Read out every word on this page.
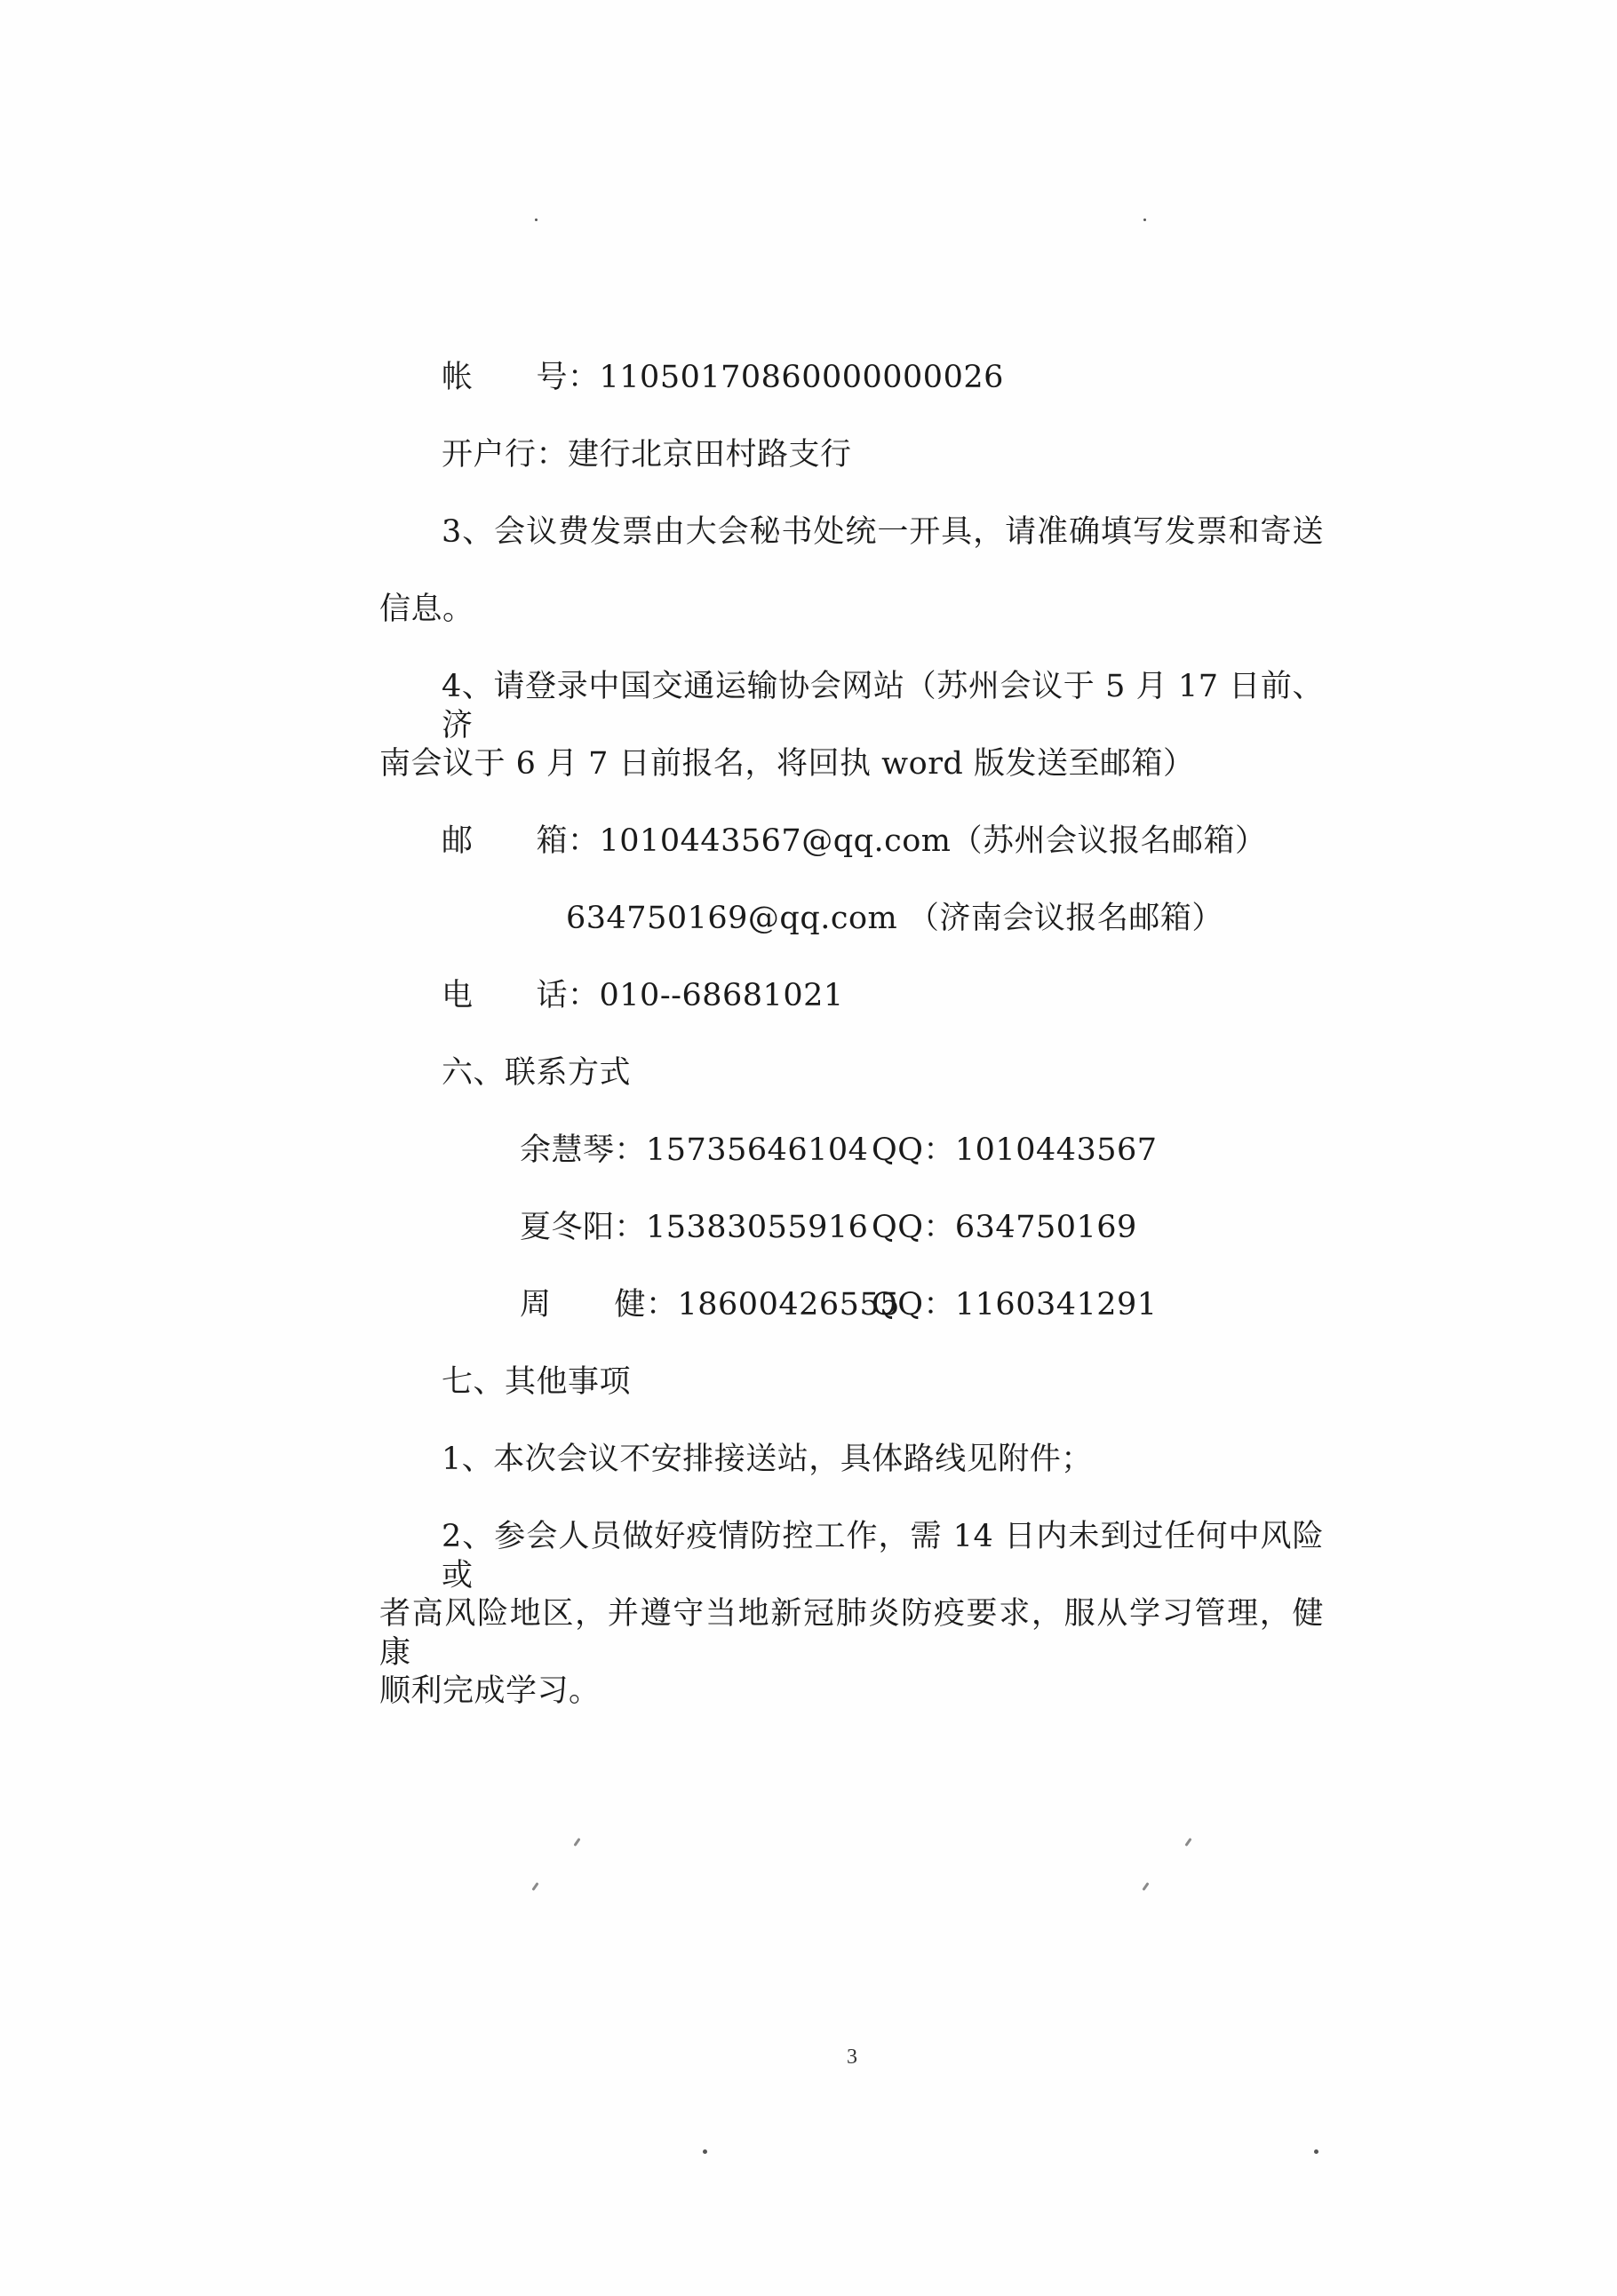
帐　　号：11050170860000000026
开户行：建行北京田村路支行
3、会议费发票由大会秘书处统一开具，请准确填写发票和寄送
信息。
4、请登录中国交通运输协会网站（苏州会议于 5 月 17 日前、济
南会议于 6 月 7 日前报名，将回执 word 版发送至邮箱）
邮　　箱：1010443567@qq.com（苏州会议报名邮箱）
634750169@qq.com （济南会议报名邮箱）
电　　话：010--68681021
六、联系方式
余慧琴：15735646104 QQ：1010443567
夏冬阳：15383055916 QQ：634750169
周　　健：18600426555
QQ：1160341291
七、其他事项
1、本次会议不安排接送站，具体路线见附件；
2、参会人员做好疫情防控工作，需 14 日内未到过任何中风险或
者高风险地区，并遵守当地新冠肺炎防疫要求，服从学习管理，健康
顺利完成学习。
3
